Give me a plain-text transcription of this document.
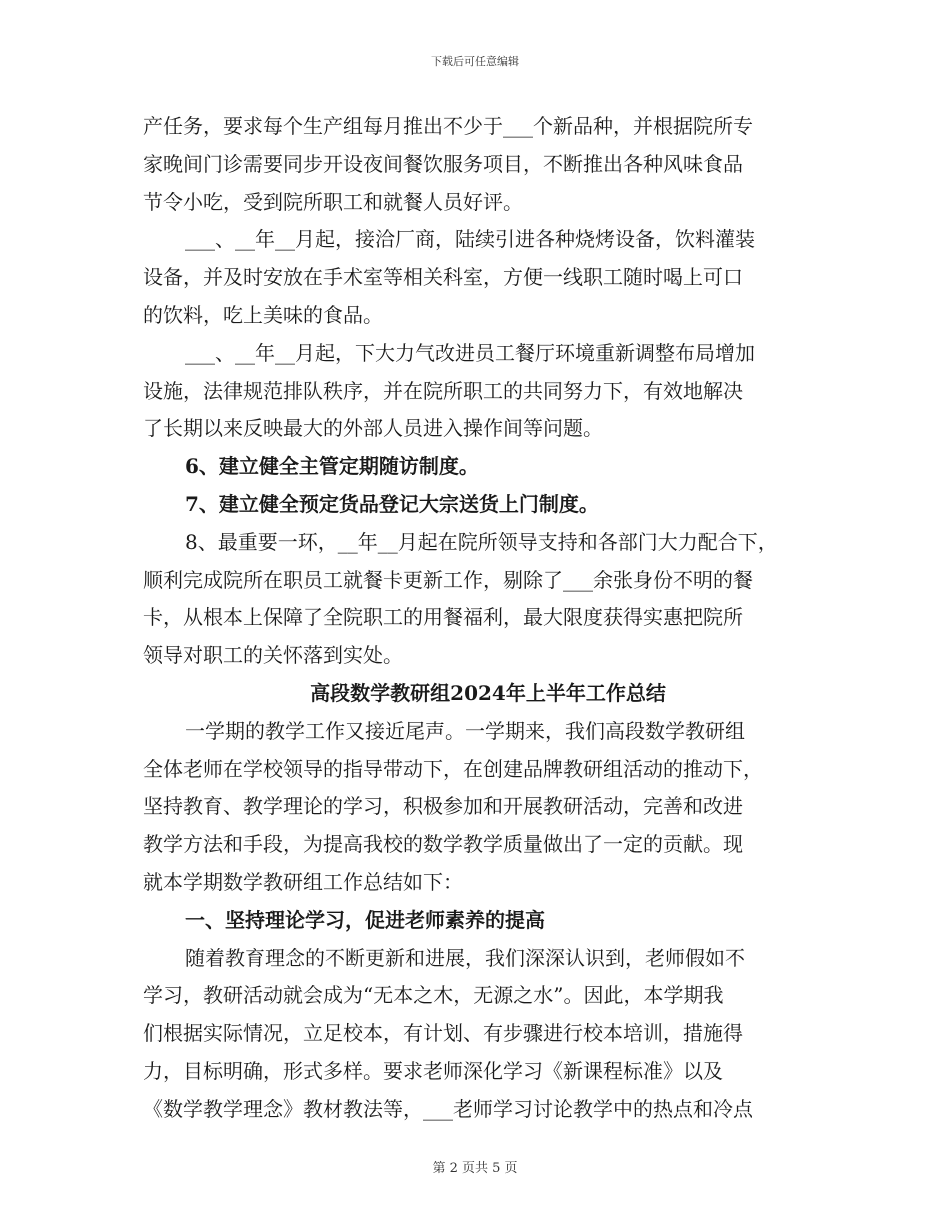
下载后可任意编辑
产任务，要求每个生产组每月推出不少于___个新品种，并根据院所专
家晚间门诊需要同步开设夜间餐饮服务项目，不断推出各种风味食品
节令小吃，受到院所职工和就餐人员好评。
___、__年__月起，接洽厂商，陆续引进各种烧烤设备，饮料灌装
设备，并及时安放在手术室等相关科室，方便一线职工随时喝上可口
的饮料，吃上美味的食品。
___、__年__月起，下大力气改进员工餐厅环境重新调整布局增加
设施，法律规范排队秩序，并在院所职工的共同努力下，有效地解决
了长期以来反映最大的外部人员进入操作间等问题。
6、建立健全主管定期随访制度。
7、建立健全预定货品登记大宗送货上门制度。
8、最重要一环，__年__月起在院所领导支持和各部门大力配合下，
顺利完成院所在职员工就餐卡更新工作，剔除了___余张身份不明的餐
卡，从根本上保障了全院职工的用餐福利，最大限度获得实惠把院所
领导对职工的关怀落到实处。
高段数学教研组2024年上半年工作总结
一学期的教学工作又接近尾声。一学期来，我们高段数学教研组
全体老师在学校领导的指导带动下，在创建品牌教研组活动的推动下，
坚持教育、教学理论的学习，积极参加和开展教研活动，完善和改进
教学方法和手段，为提高我校的数学教学质量做出了一定的贡献。现
就本学期数学教研组工作总结如下：
一、坚持理论学习，促进老师素养的提高
随着教育理念的不断更新和进展，我们深深认识到，老师假如不
学习，教研活动就会成为“无本之木，无源之水”。因此，本学期我
们根据实际情况，立足校本，有计划、有步骤进行校本培训，措施得
力，目标明确，形式多样。要求老师深化学习《新课程标准》以及
《数学教学理念》教材教法等，___老师学习讨论教学中的热点和冷点
第 2 页共 5 页
